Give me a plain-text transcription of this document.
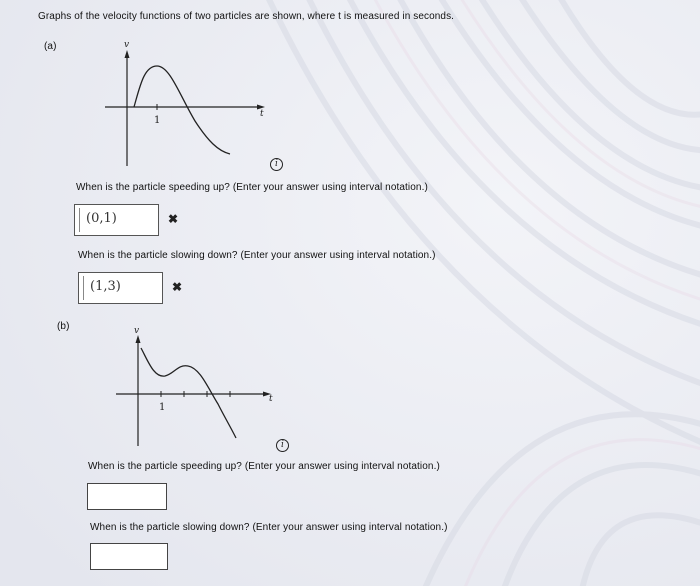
Graphs of the velocity functions of two particles are shown, where t is measured in seconds.
(a)	v
t
1
i
When is the particle speeding up? (Enter your answer using interval notation.)
(0,1)	✖
When is the particle slowing down? (Enter your answer using interval notation.)
(1,3)	✖
(b)	v
t
1
i
When is the particle speeding up? (Enter your answer using interval notation.)
When is the particle slowing down? (Enter your answer using interval notation.)
